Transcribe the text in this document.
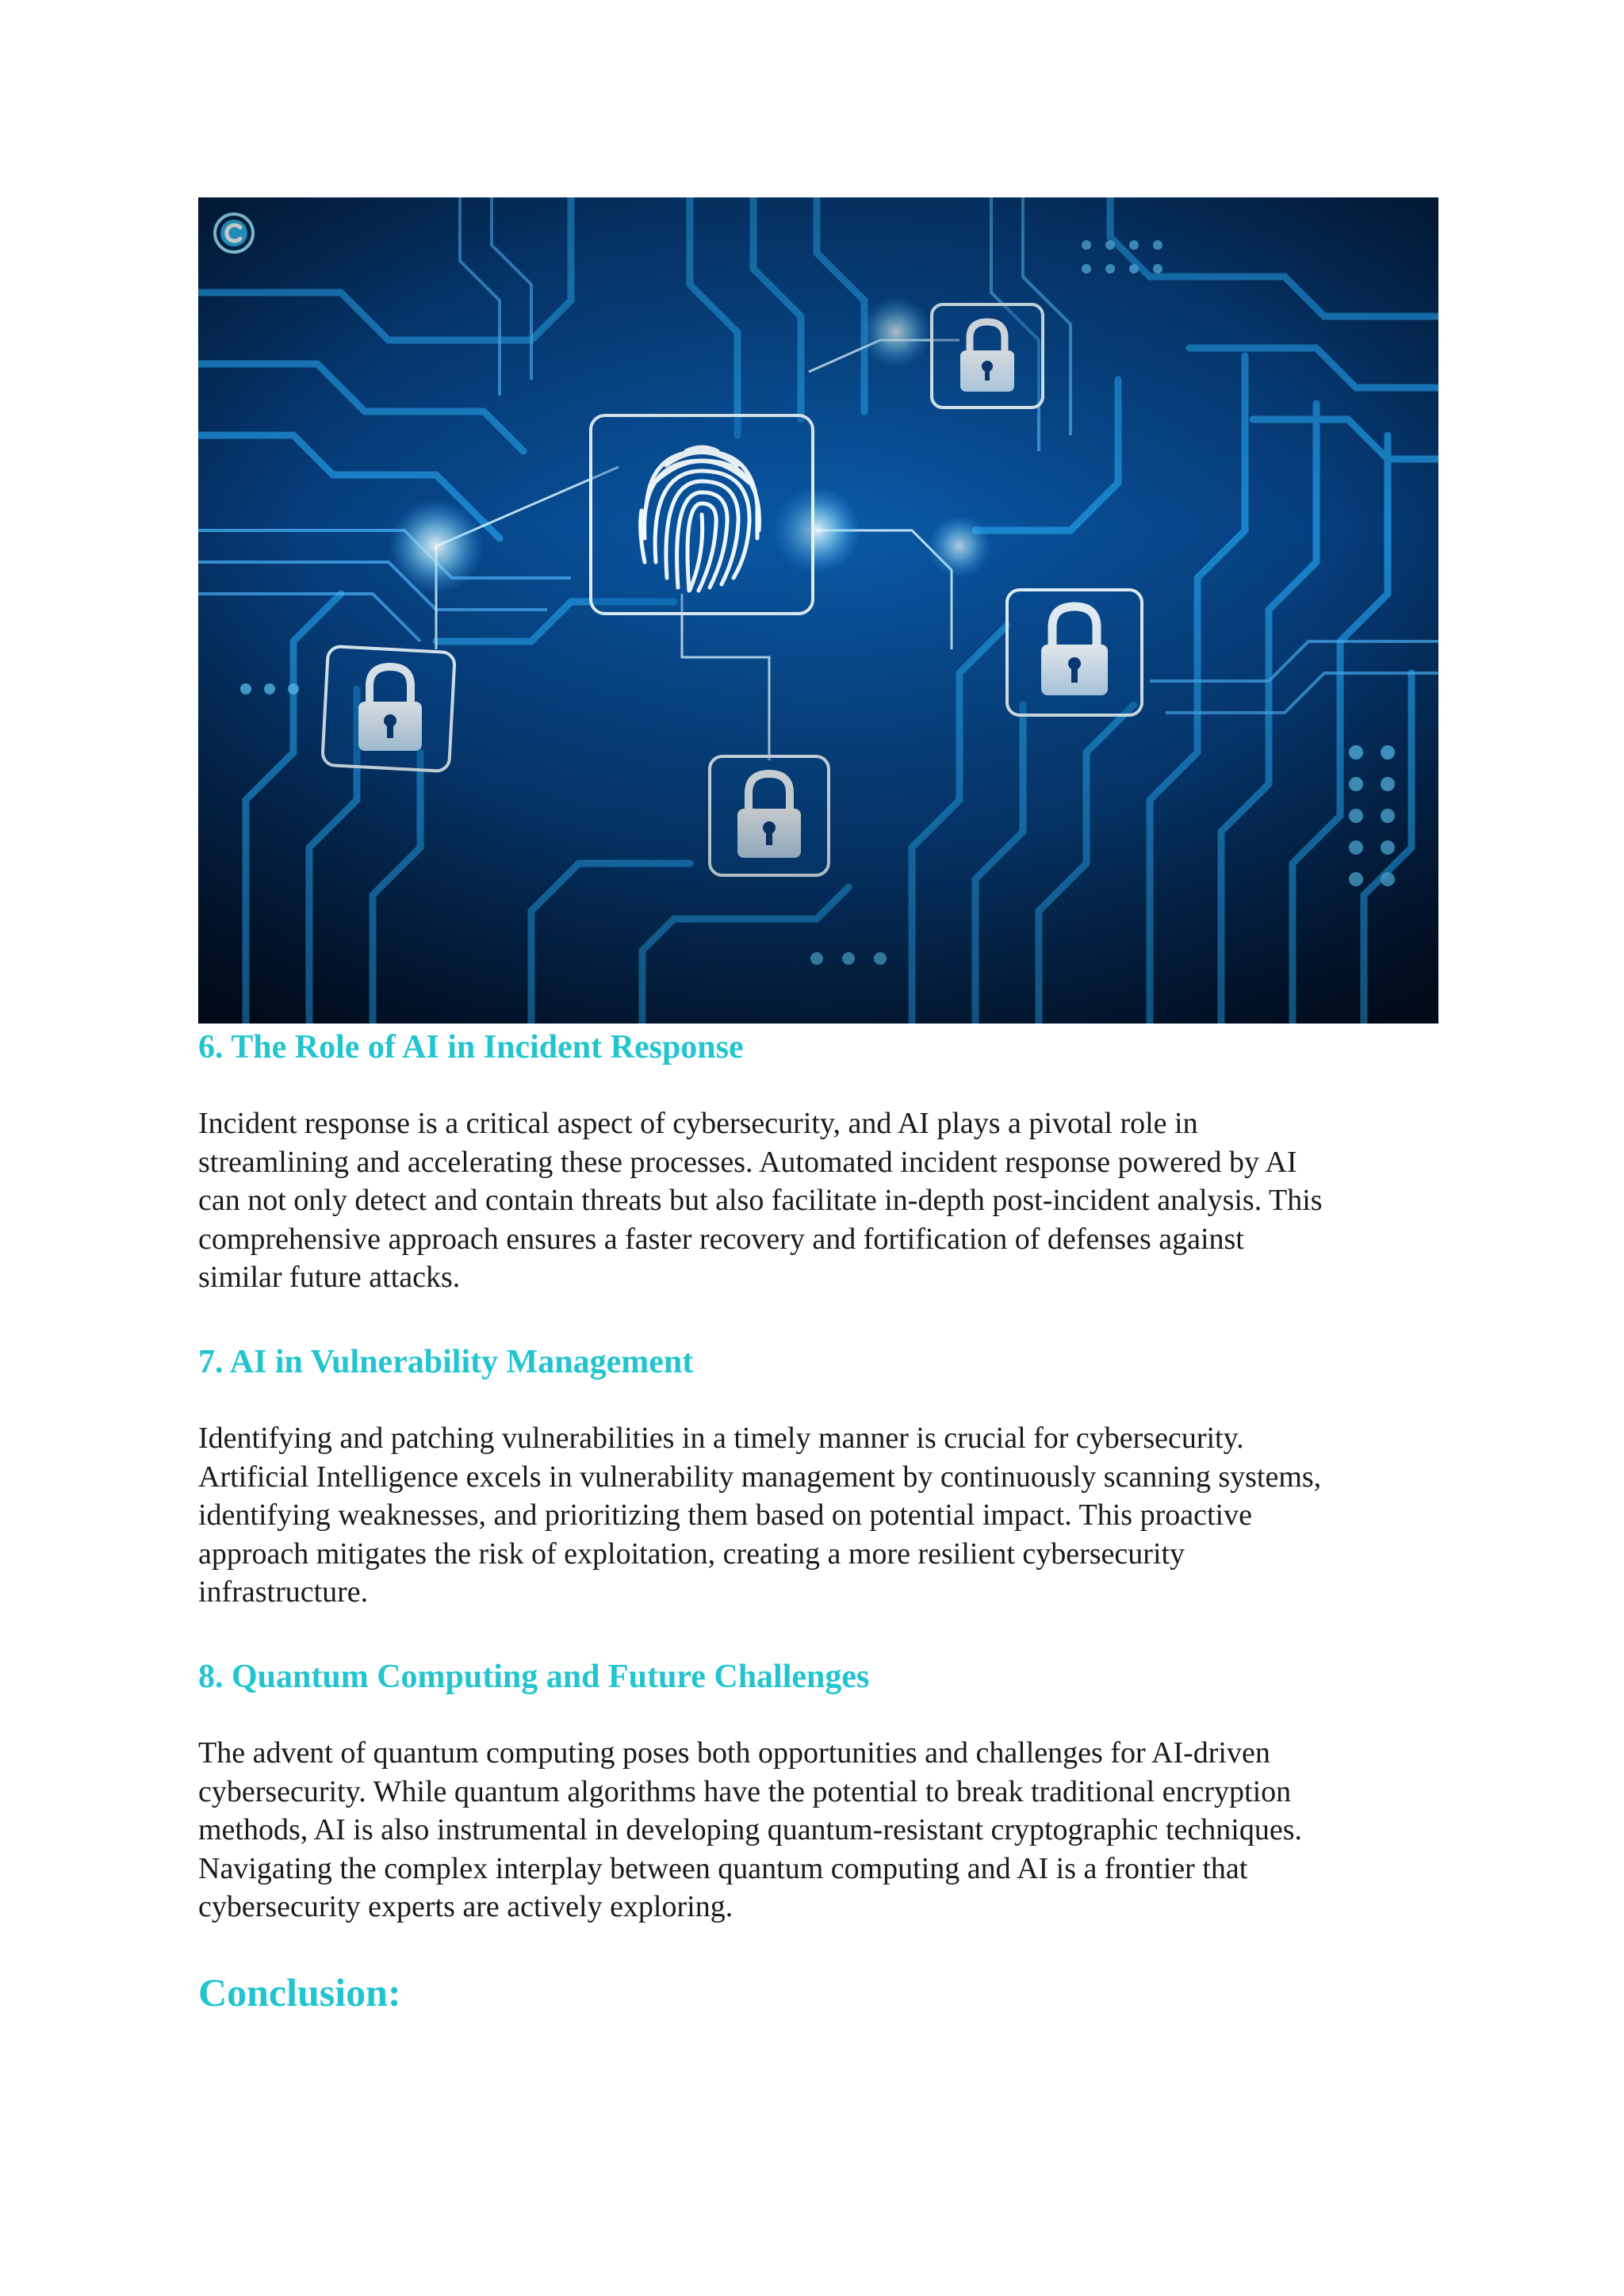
6. The Role of AI in Incident Response

Incident response is a critical aspect of cybersecurity, and AI plays a pivotal role in
streamlining and accelerating these processes. Automated incident response powered by AI
can not only detect and contain threats but also facilitate in-depth post-incident analysis. This
comprehensive approach ensures a faster recovery and fortification of defenses against
similar future attacks.

7. AI in Vulnerability Management

Identifying and patching vulnerabilities in a timely manner is crucial for cybersecurity.
Artificial Intelligence excels in vulnerability management by continuously scanning systems,
identifying weaknesses, and prioritizing them based on potential impact. This proactive
approach mitigates the risk of exploitation, creating a more resilient cybersecurity
infrastructure.

8. Quantum Computing and Future Challenges

The advent of quantum computing poses both opportunities and challenges for AI-driven
cybersecurity. While quantum algorithms have the potential to break traditional encryption
methods, AI is also instrumental in developing quantum-resistant cryptographic techniques.
Navigating the complex interplay between quantum computing and AI is a frontier that
cybersecurity experts are actively exploring.

Conclusion:
